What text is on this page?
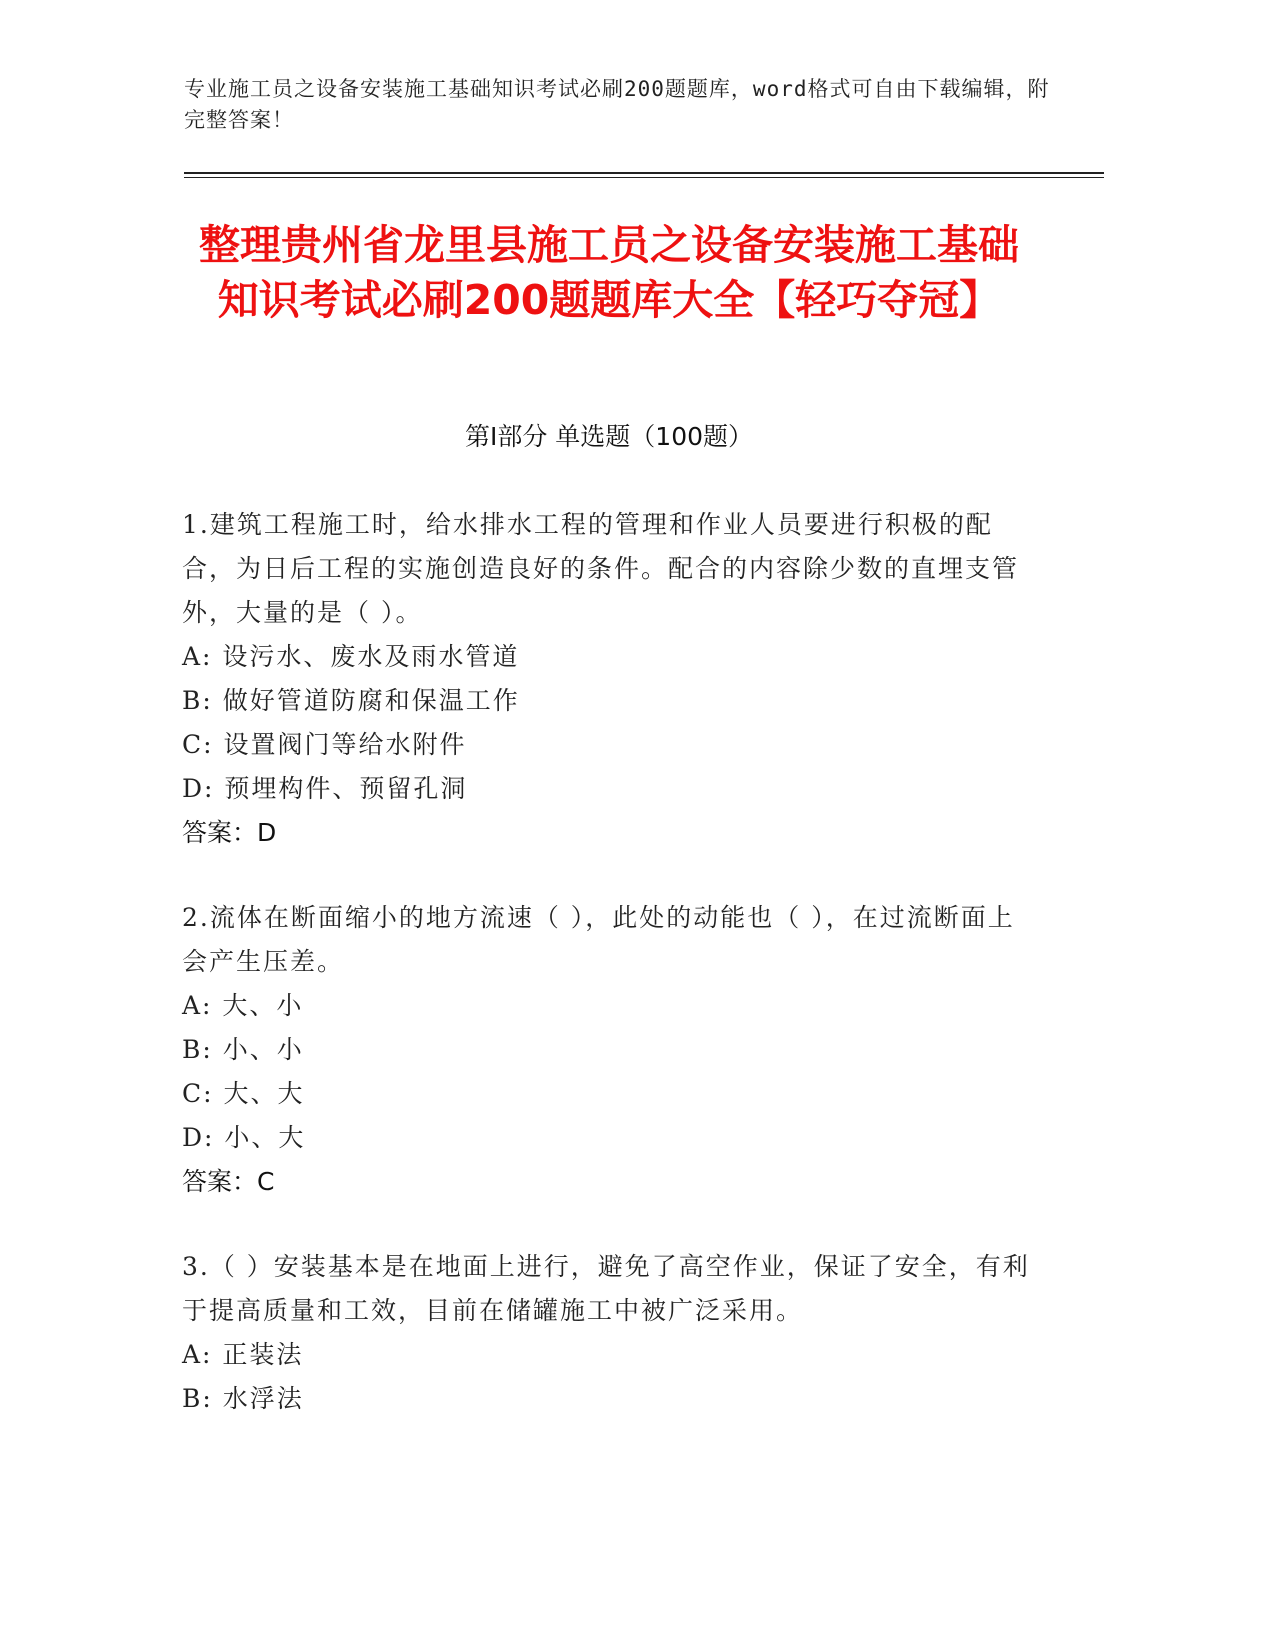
专业施工员之设备安装施工基础知识考试必刷200题题库，word格式可自由下载编辑，附完整答案！
整理贵州省龙里县施工员之设备安装施工基础知识考试必刷200题题库大全【轻巧夺冠】
第I部分 单选题（100题）
1.建筑工程施工时，给水排水工程的管理和作业人员要进行积极的配合，为日后工程的实施创造良好的条件。配合的内容除少数的直埋支管外，大量的是（ ）。
A: 设污水、废水及雨水管道
B: 做好管道防腐和保温工作
C: 设置阀门等给水附件
D: 预埋构件、预留孔洞
答案：D
2.流体在断面缩小的地方流速（ ），此处的动能也（ ），在过流断面上会产生压差。
A: 大、小
B: 小、小
C: 大、大
D: 小、大
答案：C
3.（ ）安装基本是在地面上进行，避免了高空作业，保证了安全，有利于提高质量和工效，目前在储罐施工中被广泛采用。
A: 正装法
B: 水浮法
